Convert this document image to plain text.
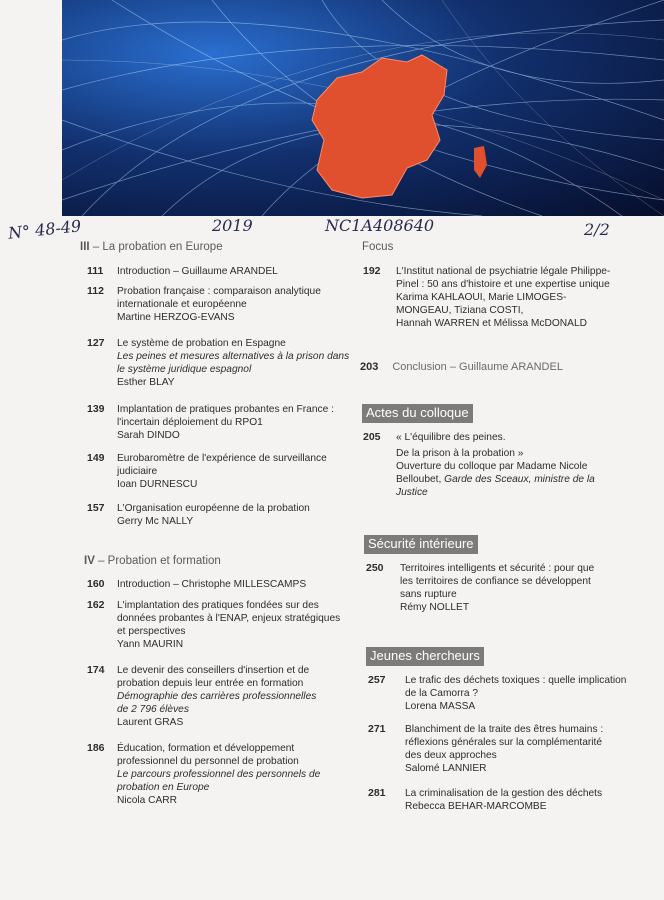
N° 48-49	2019	NC1A408640	2/2
III – La probation en Europe
111 Introduction – Guillaume ARANDEL
112 Probation française : comparaison analytique
internationale et européenne
Martine HERZOG-EVANS
127 Le système de probation en Espagne
Les peines et mesures alternatives à la prison dans
le système juridique espagnol
Esther BLAY
139 Implantation de pratiques probantes en France :
l'incertain déploiement du RPO1
Sarah DINDO
149 Eurobaromètre de l'expérience de surveillance
judiciaire
Ioan DURNESCU
157 L'Organisation européenne de la probation
Gerry Mc NALLY
IV – Probation et formation
160 Introduction – Christophe MILLESCAMPS
162 L'implantation des pratiques fondées sur des
données probantes à l'ENAP, enjeux stratégiques
et perspectives
Yann MAURIN
174 Le devenir des conseillers d'insertion et de
probation depuis leur entrée en formation
Démographie des carrières professionnelles
de 2 796 élèves
Laurent GRAS
186 Éducation, formation et développement
professionnel du personnel de probation
Le parcours professionnel des personnels de
probation en Europe
Nicola CARR
Focus
192 L'Institut national de psychiatrie légale Philippe-
Pinel : 50 ans d'histoire et une expertise unique
Karima KAHLAOUI, Marie LIMOGES-
MONGEAU, Tiziana COSTI,
Hannah WARREN et Mélissa McDONALD
203 Conclusion – Guillaume ARANDEL
Actes du colloque
205 « L'équilibre des peines.
De la prison à la probation »
Ouverture du colloque par Madame Nicole
Belloubet, Garde des Sceaux, ministre de la
Justice
Sécurité intérieure
250 Territoires intelligents et sécurité : pour que
les territoires de confiance se développent
sans rupture
Rémy NOLLET
Jeunes chercheurs
257 Le trafic des déchets toxiques : quelle implication
de la Camorra ?
Lorena MASSA
271 Blanchiment de la traite des êtres humains :
réflexions générales sur la complémentarité
des deux approches
Salomé LANNIER
281 La criminalisation de la gestion des déchets
Rebecca BEHAR-MARCOMBE
